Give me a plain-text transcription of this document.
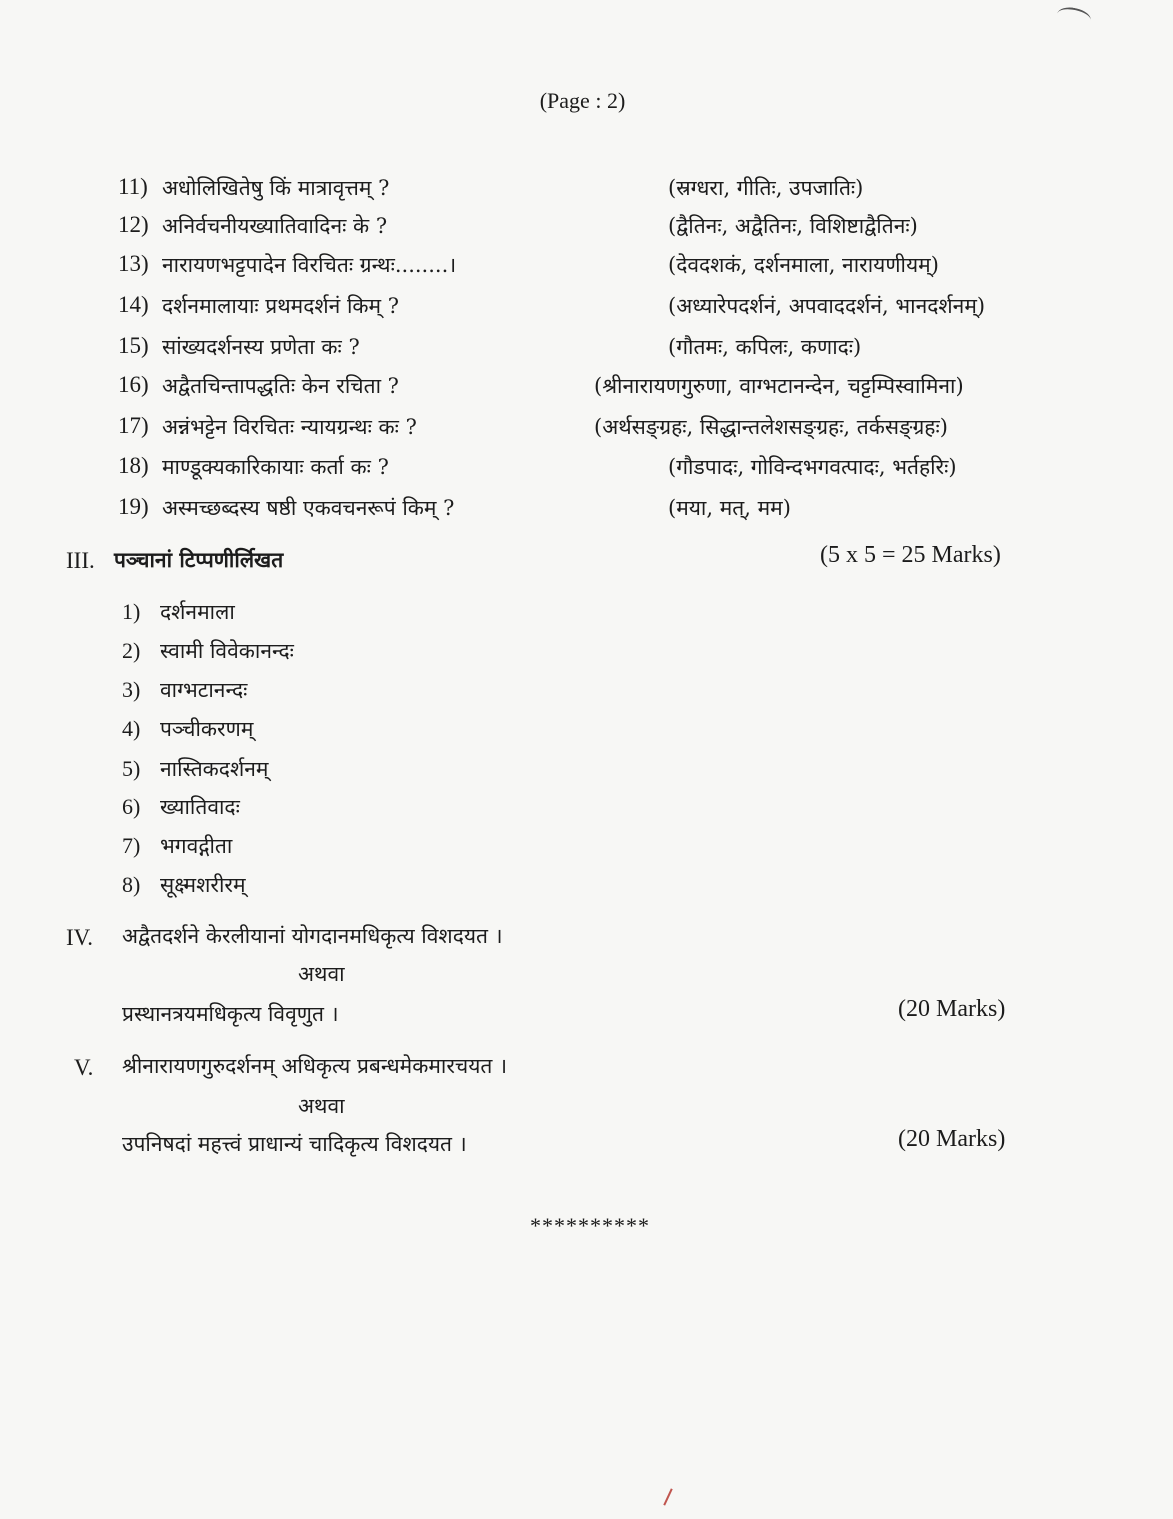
(Page : 2)
11) अधोलिखितेषु किं मात्रावृत्तम् ?	(स्रग्धरा, गीतिः, उपजातिः)
12) अनिर्वचनीयख्यातिवादिनः के ?	(द्वैतिनः, अद्वैतिनः, विशिष्टाद्वैतिनः)
13) नारायणभट्टपादेन विरचितः ग्रन्थः........।	(देवदशकं, दर्शनमाला, नारायणीयम्)
14) दर्शनमालायाः प्रथमदर्शनं किम् ?	(अध्यारेपदर्शनं, अपवाददर्शनं, भानदर्शनम्)
15) सांख्यदर्शनस्य प्रणेता कः ?	(गौतमः, कपिलः, कणादः)
16) अद्वैतचिन्तापद्धतिः केन रचिता ?	(श्रीनारायणगुरुणा, वाग्भटानन्देन, चट्टम्पिस्वामिना)
17) अन्नंभट्टेन विरचितः न्यायग्रन्थः कः ?	(अर्थसङ्ग्रहः, सिद्धान्तलेशसङ्ग्रहः, तर्कसङ्ग्रहः)
18) माण्डूक्यकारिकायाः कर्ता कः ?	(गौडपादः, गोविन्दभगवत्पादः, भर्तहरिः)
19) अस्मच्छब्दस्य षष्ठी एकवचनरूपं किम् ?	(मया, मत्, मम)
III. पञ्चानां टिप्पणीर्लिखत	(5 x 5 = 25 Marks)
1) दर्शनमाला
2) स्वामी विवेकानन्दः
3) वाग्भटानन्दः
4) पञ्चीकरणम्
5) नास्तिकदर्शनम्
6) ख्यातिवादः
7) भगवद्गीता
8) सूक्ष्मशरीरम्
IV. अद्वैतदर्शने केरलीयानां योगदानमधिकृत्य विशदयत ।
अथवा
प्रस्थानत्रयमधिकृत्य विवृणुत ।	(20 Marks)
V. श्रीनारायणगुरुदर्शनम् अधिकृत्य प्रबन्धमेकमारचयत ।
अथवा
उपनिषदां महत्त्वं प्राधान्यं चादिकृत्य विशदयत ।	(20 Marks)
**********
